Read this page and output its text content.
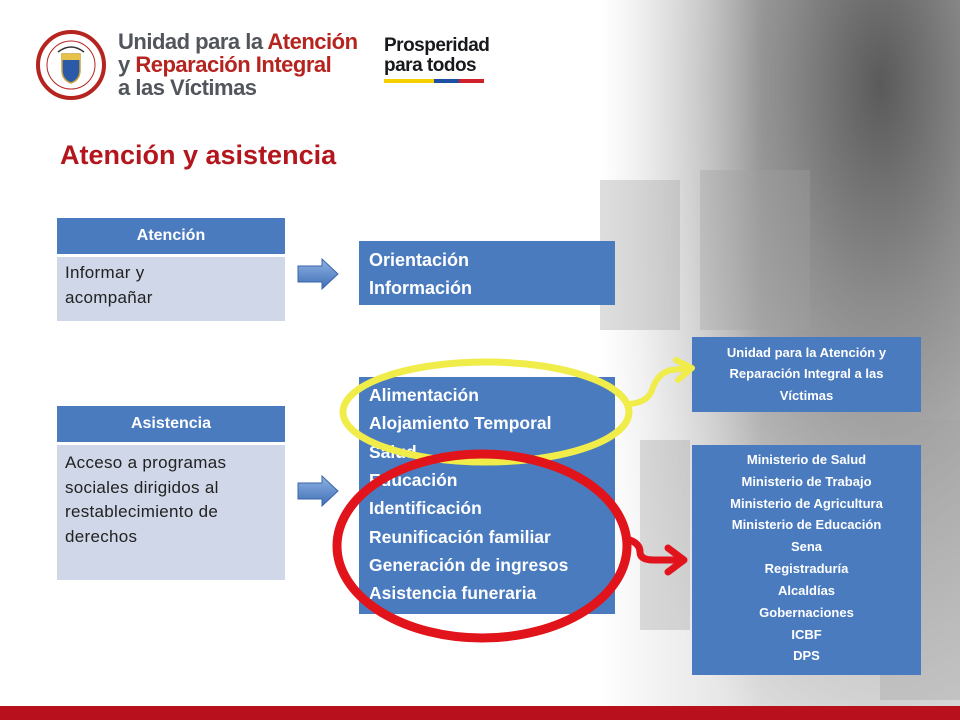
Unidad para la Atención
y Reparación Integral
a las Víctimas
Prosperidad
para todos
Atención y asistencia
Atención
Informar y
acompañar
Orientación
Información
Asistencia
Acceso a programas
sociales dirigidos al
restablecimiento de
derechos
Alimentación
Alojamiento Temporal
Salud
Educación
Identificación
Reunificación familiar
Generación de ingresos
Asistencia funeraria
Unidad para la Atención y
Reparación Integral a las
Víctimas
Ministerio de Salud
Ministerio de Trabajo
Ministerio de Agricultura
Ministerio de Educación
Sena
Registraduría
Alcaldías
Gobernaciones
ICBF
DPS
